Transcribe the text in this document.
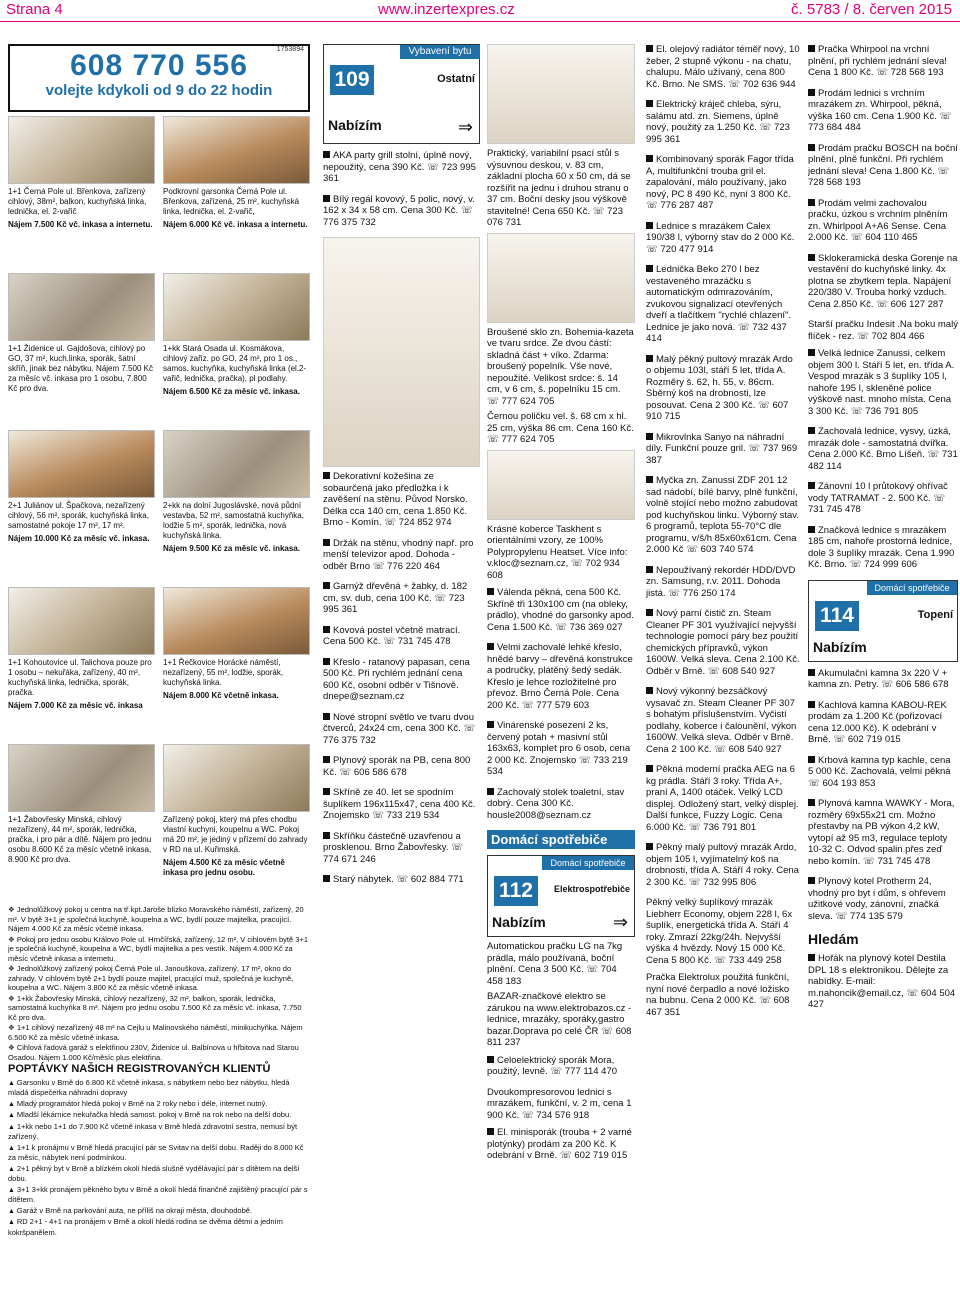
Strana 4	www.inzertexpres.cz	č. 5783 / 8. červen 2015
1753894
608 770 556
volejte kdykoli od 9 do 22 hodin
1+1 Černá Pole ul. Břenkova, zařízený cihlový, 38m², balkon, kuchyňská linka, lednička, el. 2-vařič
Nájem 7.500 Kč vč. inkasa a internetu.
Podkrovní garsonka Černá Pole ul. Břenkova, zařízená, 25 m², kuchyňská linka, lednička, el. 2-vařič,
Nájem 6.000 Kč vč. inkasa a internetu.
1+1 Židenice ul. Gajdošova, cihlový po GO, 37 m², kuch.linka, sporák, šatní skříň, jinak bez nábytku. Nájem 7.500 Kč za měsíc vč. inkasa pro 1 osobu, 7.800 Kč pro dva.
1+kk Stará Osada ul. Kosmákova, cihlový zařiz. po GO, 24 m², pro 1 os., samos. kuchyňka, kuchyňská linka (el.2-vařič, lednička, pračka), pl podlahy.
Nájem 6.500 Kč za měsíc vč. inkasa.
2+1 Juliánov ul. Špačkova, nezařízený cihlový, 56 m², sporák, kuchyňská linka, samostatné pokoje 17 m², 17 m².
Nájem 10.000 Kč za měsíc vč. inkasa.
2+kk na dolní Jugoslávské, nová půdní vestavba, 52 m², samostatná kuchyňka, lodžie 5 m², sporák, lednička, nová kuchyňská linka.
Nájem 9.500 Kč za měsíc vč. inkasa.
1+1 Kohoutovice ul. Talichova pouze pro 1 osobu – nekuřáka, zařízený, 40 m², kuchyňská linka, lednička, sporák, pračka.
Nájem 7.000 Kč za měsíc vč. inkasa
1+1 Řečkovice Horácké náměstí, nezařízený, 55 m², lodžie, sporák, kuchyňská linka.
Nájem 8.000 Kč včetně inkasa.
1+1 Žabovřesky Minská, cihlový nezařízený, 44 m², sporák, lednička, pračka, i pro pár a dítě. Nájem pro jednu osobu 8.600 Kč za měsíc včetně inkasa, 8.900 Kč pro dva.
Zařízený pokoj, který má přes chodbu vlastní kuchyni, koupelnu a WC. Pokoj má 20 m², je jediný v přízemí do zahrady v RD na ul. Kuřimská.
Nájem 4.500 Kč za měsíc včetně inkasa pro jednu osobu.

❖ Jednolůžkový pokoj u centra na tř.kpt.Jaroše blízko Moravského náměstí, zařízený, 20 m². V bytě 3+1 je společná kuchyně, koupelna a WC, bydlí pouze majitelka, pracující. Nájem 4.000 Kč za měsíc včetně inkasa.

❖ Pokoj pro jednu osobu Královo Pole ul. Hrnčířská, zařízený, 12 m², V cihlovém bytě 3+1 je společná kuchyně, koupelna a WC, bydlí majitelka a pes vestík. Nájem 4.000 Kč za měsíc včetně inkasa a internetu.

❖ Jednolůžkový zařízený pokoj Černá Pole ul. Janouškova, zařízený, 17 m², okno do zahrady. V cihlovém bytě 2+1 bydlí pouze majitel, pracující muž, společná je kuchyně, koupelna a WC. Nájem 3.800 Kč za měsíc včetně inkasa.

❖ 1+kk Žabovřesky Minská, cihlový nezařízený, 32 m², balkon, sporák, lednička, samostatná kuchyňka 8 m². Nájem pro jednu osobu 7.500 Kč za měsíc vč. inkasa, 7.750 Kč pro dva.

❖ 1+1 cihlový nezařízený 48 m² na Cejlu u Malinovského náměstí, minikuchyňka. Nájem 6.500 Kč za měsíc včetně inkasa.

❖ Cihlová řadová garáž s elektřinou 230V, Židenice ul. Balbínova u hřbitova nad Starou Osadou. Nájem 1.000 Kč/měsíc plus elektřina.

POPTÁVKY NAŠICH REGISTROVANÝCH KLIENTŮ

▲ Garsonku v Brně do 6.800 Kč včetně inkasa, s nábytkem nebo bez nábytku, hledá mladá dispečerka náhradní dopravy

▲ Mladý programátor hledá pokoj v Brně na 2 roky nebo i déle, internet nutný.

▲ Mladší lékárnice nekuřačka hledá samost. pokoj v Brně na rok nebo na delší dobu.

▲ 1+kk nebo 1+1 do 7.900 Kč včetně inkasa v Brně hledá zdravotní sestra, nemusí být zařízený.

▲ 1+1 k pronájmu v Brně hledá pracující pár se Svitav na delší dobu. Raději do 8.000 Kč za měsíc, nábytek není podmínkou.

▲ 2+1 pěkný byt v Brně a blízkém okolí hledá slušně vydělávající pár s dítětem na delší dobu.

▲ 3+1 3+kk pronájem pěkného bytu v Brně a okolí hledá finančně zajištěný pracující pár s dítětem.

▲ Garáž v Brně na parkování auta, ne příliš na okraji města, dlouhodobě.

▲ RD 2+1 - 4+1 na pronájem v Brně a okolí hledá rodina se dvěma dětmi a jedním kokršpanělem.

109
Vybavení bytu
Ostatní
Nabízím	⇒

AKA party grill stolní, úplně nový, nepoužitý, cena 390 Kč. ☏ 723 995 361

Bílý regál kovový, 5 polic, nový, v. 162 x 34 x 58 cm. Cena 300 Kč. ☏ 776 375 732

Dekorativní kožešina ze sobaurčená jako předložka i k zavěšení na stěnu. Původ Norsko. Délka cca 140 cm, cena 1.850 Kč. Brno - Komín. ☏ 724 852 974

Držák na stěnu, vhodný např. pro menší televizor apod. Dohoda - odběr Brno ☏ 776 220 464

Garnýž dřevěná + žabky, d. 182 cm, sv. dub, cena 100 Kč. ☏ 723 995 361

Kovová postel včetně matrací. Cena 500 Kč. ☏ 731 745 478

Křeslo - ratanový papasan, cena 500 Kč. Při rychlém jednání cena 600 Kč, osobní odběr v Tišnově. dnepe@seznam.cz

Nové stropní světlo ve tvaru dvou čtverců, 24x24 cm, cena 300 Kč. ☏ 776 375 732

Plynový sporák na PB, cena 800 Kč. ☏ 606 586 678

Skříně ze 40. let se spodním šuplíkem 196x115x47, cena 400 Kč. Znojemsko ☏ 733 219 534

Skříňku částečně uzavřenou a prosklenou. Brno Žabovřesky. ☏ 774 671 246

Starý nábytek. ☏ 602 884 771

Praktický, variabilní psací stůl s výsuvnou deskou, v. 83 cm, základní plocha 60 x 50 cm, dá se rozšířit na jednu i druhou stranu o 37 cm. Boční desky jsou výškově stavitelné! Cena 650 Kč. ☏ 723 076 731

Broušené sklo zn. Bohemia-kazeta ve tvaru srdce. Ze dvou částí: skladná část + víko. Zdarma: broušený popelník. Vše nové, nepoužité. Velikost srdce: š. 14 cm, v 6 cm, š. popelníku 15 cm. ☏ 777 624 705

Černou poličku vel. š. 68 cm x hl. 25 cm, výška 86 cm. Cena 160 Kč. ☏ 777 624 705

Krásné koberce Taskhent s orientálními vzory, ze 100% Polypropylenu Heatset. Více info: v.kloc@seznam.cz, ☏ 702 934 608

Válenda pěkná, cena 500 Kč. Skříně tři 130x100 cm (na obleky, prádlo), vhodné do garsonky apod. Cena 1.500 Kč. ☏ 736 369 027

Velmi zachovalé lehké křeslo, hnědé barvy – dřevěná konstrukce a područky, plátěný šedý sedák. Křeslo je lehce rozložitelné pro převoz. Brno Černá Pole. Cena 200 Kč. ☏ 777 579 603

Vinárenské posezení 2 ks, červený potah + masivní stůl 163x63, komplet pro 6 osob, cena 2 000 Kč. Znojemsko ☏ 733 219 534

Zachovalý stolek toaletní, stav dobrý. Cena 300 Kč. housle2008@seznam.cz

Domácí spotřebiče
112
Domácí spotřebiče
Elektrospotřebiče
Nabízím	⇒

Automatickou pračku LG na 7kg prádla, málo používaná, boční plnění. Cena 3 500 Kč. ☏ 704 458 183

BAZAR-značkové elektro se zárukou na www.elektrobazos.cz -lednice, mrazáky, sporáky,gastro bazar.Doprava po celé ČR ☏ 608 811 237

Celoelektrický sporák Mora, použitý, levně. ☏ 777 114 470

Dvoukompresorovou lednici s mrazákem, funkční, v. 2 m, cena 1 900 Kč. ☏ 734 576 918

El. minisporák (trouba + 2 varné plotýnky) prodám za 200 Kč. K odebrání v Brně. ☏ 602 719 015

El. olejový radiátor téměř nový, 10 žeber, 2 stupně výkonu - na chatu, chalupu. Málo užívaný, cena 800 Kč. Brno. Ne SMS. ☏ 702 636 944

Elektrický kráječ chleba, sýru, salámu atd. zn. Siemens, úplně nový, použitý za 1.250 Kč. ☏ 723 995 361

Kombinovaný sporák Fagor třída A, multifunkční trouba gril el. zapalování, málo používaný, jako nový, PC 8 490 Kč, nyní 3 800 Kč. ☏ 776 287 487

Lednice s mrazákem Calex 190/38 l, výborný stav do 2 000 Kč. ☏ 720 477 914

Lednička Beko 270 l bez vestaveného mrazáčku s automatickým odmrazováním, zvukovou signalizací otevřených dveří a tlačítkem "rychlé chlazení". Lednice je jako nová. ☏ 732 437 414

Malý pěkný pultový mrazák Ardo o objemu 103l, stáří 5 let, třída A. Rozměry š. 62, h. 55, v. 86cm. Sběrný koš na drobnosti, lze posouvat. Cena 2 300 Kč. ☏ 607 910 715

Mikrovlnka Sanyo na náhradní díly. Funkční pouze gril. ☏ 737 969 387

Myčka zn. Zanussi ZDF 201 12 sad nádobí, bílé barvy, plně funkční, volně stojící nebo možno zabudovat pod kuchyňskou linku. Výborný stav. 6 programů, teplota 55-70°C dle programu, v/š/h 85x60x61cm. Cena 2.000 Kč ☏ 603 740 574

Nepoužívaný rekordér HDD/DVD zn. Samsung, r.v. 2011. Dohoda jistá. ☏ 776 250 174

Nový parní čistič zn. Steam Cleaner PF 301 využívající nejvyšší technologie pomocí páry bez použití chemických přípravků, výkon 1600W. Velká sleva. Cena 2.100 Kč. Odběr v Brně. ☏ 608 540 927

Nový výkonný bezsáčkový vysavač zn. Steam Cleaner PF 307 s bohatým příslušenstvím. Vyčistí podlahy, koberce i čalounění, výkon 1600W. Velká sleva. Odběr v Brně. Cena 2 100 Kč. ☏ 608 540 927

Pěkná moderní pračka AEG na 6 kg prádla. Stáří 3 roky. Třída A+, praní A, 1400 otáček. Velký LCD displej. Odložený start, velký displej. Další funkce, Fuzzy Logic. Cena 6.000 Kč. ☏ 736 791 801

Pěkný malý pultový mrazák Ardo, objem 105 l, vyjímatelný koš na drobnosti, třída A. Stáří 4 roky. Cena 2 300 Kč. ☏ 732 995 806

Pěkný velký šuplíkový mrazák Liebherr Economy, objem 228 l, 6x šuplík, energetická třída A. Stáří 4 roky. Zmrazí 22kg/24h. Nejvyšší výška 4 hvězdy. Nový 15 000 Kč. Cena 5 800 Kč. ☏ 733 449 258

Pračka Elektrolux použitá funkční, nyní nové čerpadlo a nové ložisko na bubnu. Cena 2 000 Kč. ☏ 608 467 351

Pračka Whirpool na vrchní plnění, při rychlém jednání sleva! Cena 1 800 Kč. ☏ 728 568 193

Prodám lednici s vrchním mrazákem zn. Whirpool, pěkná, výška 160 cm. Cena 1.900 Kč. ☏ 773 684 484

Prodám pračku BOSCH na boční plnění, plně funkční. Při rychlém jednání sleva! Cena 1.800 Kč. ☏ 728 568 193

Prodám velmi zachovalou pračku, úzkou s vrchním plněním zn. Whirlpool A+A6 Sense. Cena 2.000 Kč. ☏ 604 110 465

Sklokeramická deska Gorenje na vestavění do kuchyňské linky. 4x plotna se zbytkem tepla. Napájení 220/380 V. Trouba horký vzduch. Cena 2.850 Kč. ☏ 606 127 287

Starší pračku Indesit .Na boku malý flíček - rez. ☏ 702 804 466

Velká lednice Zanussi, celkem objem 300 l. Stáří 5 let, en. třída A. Vespod mrazák s 3 šuplíky 105 l, nahoře 195 l, skleněné police výškově nast. mnoho místa. Cena 3 300 Kč. ☏ 736 791 805

Zachovalá lednice, vysvy, úzká, mrazák dole - samostatná dvířka. Cena 2.000 Kč. Brno Líšeň. ☏ 731 482 114

Zánovní 10 l průtokový ohřívač vody TATRAMAT - 2. 500 Kč. ☏ 731 745 478

Značková lednice s mrazákem 185 cm, nahoře prostorná lednice, dole 3 šuplíky mrazák. Cena 1.990 Kč. Brno. ☏ 724 999 606

114
Domácí spotřebiče
Topení
Nabízím

Akumulační kamna 3x 220 V + kamna zn. Petry. ☏ 606 586 678

Kachlová kamna KABOU-REK prodám za 1.200 Kč (pořizovací cena 12.000 Kč). K odebrání v Brně. ☏ 602 719 015

Krbová kamna typ kachle, cena 5 000 Kč. Zachovalá, velmi pěkná ☏ 604 193 853

Plynová kamna WAWKY - Mora, rozměry 69x55x21 cm. Možno přestavby na PB výkon 4,2 kW, vytopí až 95 m3, regulace teploty 10-32 C. Odvod spalin přes zeď nebo komín. ☏ 731 745 478

Plynový kotel Protherm 24, vhodný pro byt i dům, s ohřevem užitkové vody, zánovní, značká slevа. ☏ 774 135 579

Hledám

Hořák na plynový kotel Destila DPL 18 s elektronikou. Dělejte za nabídky. E-mail: m.nahoncik@email.cz, ☏ 604 504 427
